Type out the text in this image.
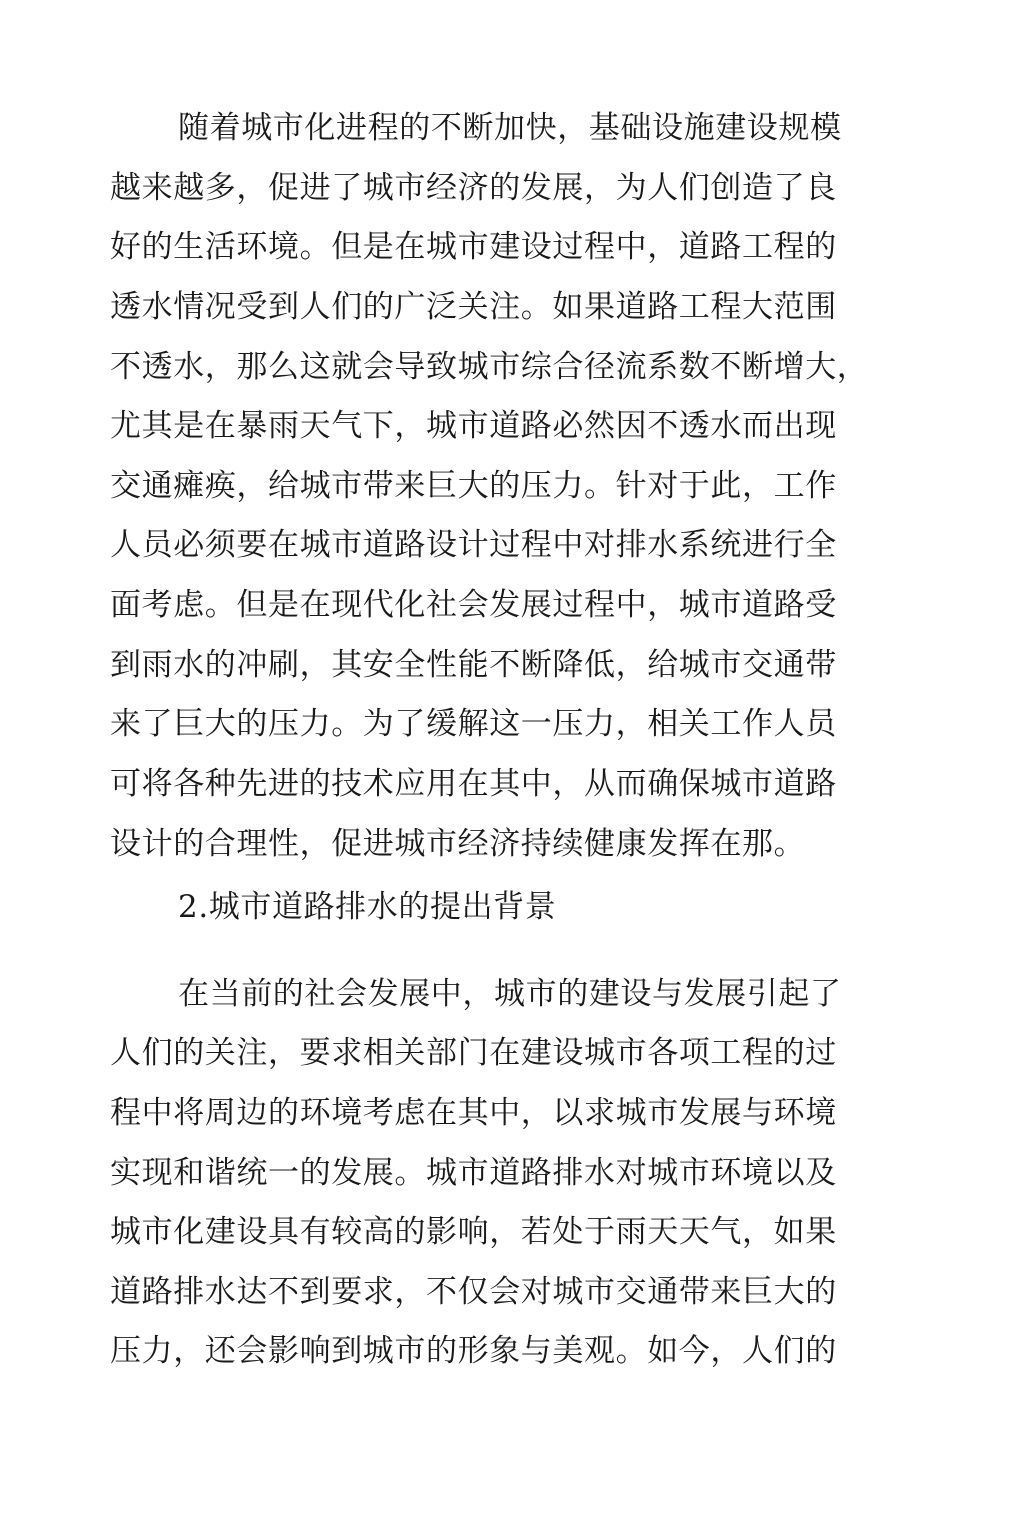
随着城市化进程的不断加快，基础设施建设规模
越来越多，促进了城市经济的发展，为人们创造了良
好的生活环境。但是在城市建设过程中，道路工程的
透水情况受到人们的广泛关注。如果道路工程大范围
不透水，那么这就会导致城市综合径流系数不断增大，
尤其是在暴雨天气下，城市道路必然因不透水而出现
交通瘫痪，给城市带来巨大的压力。针对于此，工作
人员必须要在城市道路设计过程中对排水系统进行全
面考虑。但是在现代化社会发展过程中，城市道路受
到雨水的冲刷，其安全性能不断降低，给城市交通带
来了巨大的压力。为了缓解这一压力，相关工作人员
可将各种先进的技术应用在其中，从而确保城市道路
设计的合理性，促进城市经济持续健康发挥在那。
2.城市道路排水的提出背景
在当前的社会发展中，城市的建设与发展引起了
人们的关注，要求相关部门在建设城市各项工程的过
程中将周边的环境考虑在其中，以求城市发展与环境
实现和谐统一的发展。城市道路排水对城市环境以及
城市化建设具有较高的影响，若处于雨天天气，如果
道路排水达不到要求，不仅会对城市交通带来巨大的
压力，还会影响到城市的形象与美观。如今，人们的
